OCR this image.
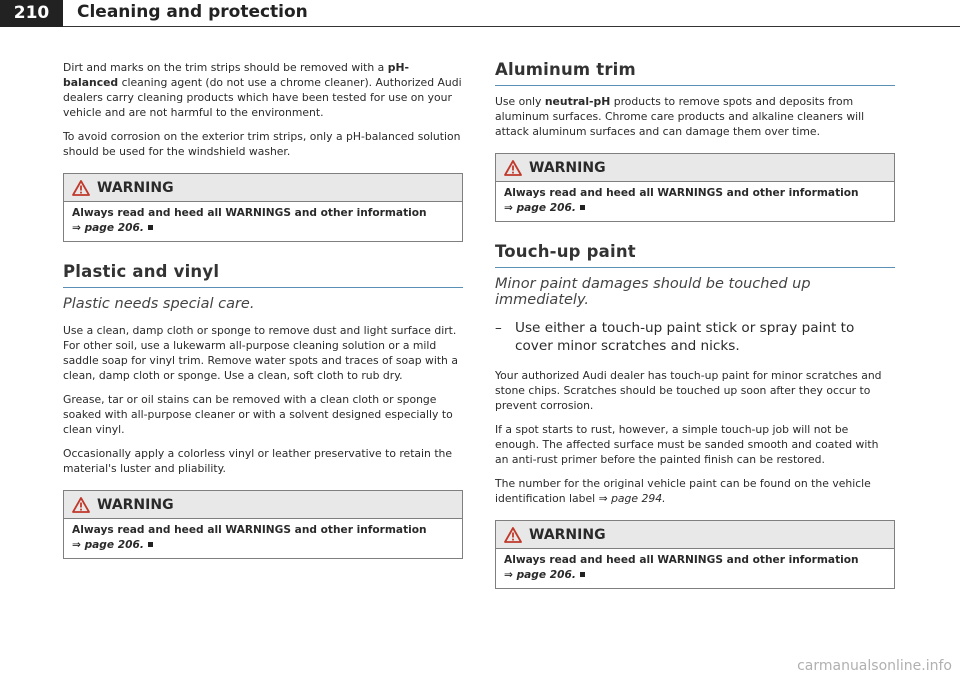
210	Cleaning and protection

Dirt and marks on the trim strips should be removed with a pH-balanced cleaning agent (do not use a chrome cleaner). Authorized Audi dealers carry cleaning products which have been tested for use on your vehicle and are not harmful to the environment.

To avoid corrosion on the exterior trim strips, only a pH-balanced solution should be used for the windshield washer.

WARNING
Always read and heed all WARNINGS and other information
⇒ page 206.
Plastic and vinyl
Plastic needs special care.

Use a clean, damp cloth or sponge to remove dust and light surface dirt. For other soil, use a lukewarm all-purpose cleaning solution or a mild saddle soap for vinyl trim. Remove water spots and traces of soap with a clean, damp cloth or sponge. Use a clean, soft cloth to rub dry.

Grease, tar or oil stains can be removed with a clean cloth or sponge soaked with all-purpose cleaner or with a solvent designed especially to clean vinyl.

Occasionally apply a colorless vinyl or leather preservative to retain the material's luster and pliability.

WARNING
Always read and heed all WARNINGS and other information
⇒ page 206.
Aluminum trim

Use only neutral-pH products to remove spots and deposits from aluminum surfaces. Chrome care products and alkaline cleaners will attack aluminum surfaces and can damage them over time.

WARNING
Always read and heed all WARNINGS and other information
⇒ page 206.
Touch-up paint
Minor paint damages should be touched up immediately.
– Use either a touch-up paint stick or spray paint to cover minor scratches and nicks.

Your authorized Audi dealer has touch-up paint for minor scratches and stone chips. Scratches should be touched up soon after they occur to prevent corrosion.

If a spot starts to rust, however, a simple touch-up job will not be enough. The affected surface must be sanded smooth and coated with an anti-rust primer before the painted finish can be restored.

The number for the original vehicle paint can be found on the vehicle identification label ⇒ page 294.

WARNING
Always read and heed all WARNINGS and other information
⇒ page 206.
carmanualsonline.info
